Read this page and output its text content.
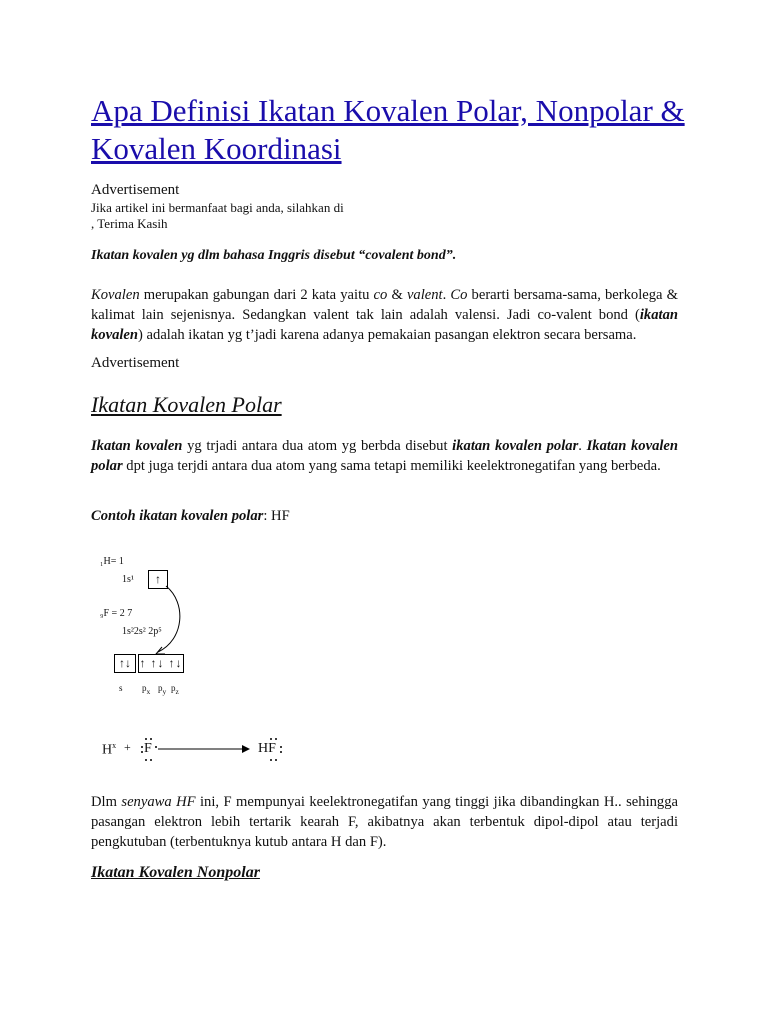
Apa Definisi Ikatan Kovalen Polar, Nonpolar & Kovalen Koordinasi
Advertisement
Jika artikel ini bermanfaat bagi anda, silahkan di
, Terima Kasih
Ikatan kovalen yg dlm bahasa Inggris disebut “covalent bond”.
Kovalen merupakan gabungan dari 2 kata yaitu co & valent. Co berarti bersama-sama, berkolega & kalimat lain sejenisnya. Sedangkan valent tak lain adalah valensi. Jadi co-valent bond (ikatan kovalen) adalah ikatan yg t’jadi karena adanya pemakaian pasangan elektron secara bersama.
Advertisement
Ikatan Kovalen Polar
Ikatan kovalen yg trjadi antara dua atom yg berbda disebut ikatan kovalen polar. Ikatan kovalen polar dpt juga terjdi antara dua atom yang sama tetapi memiliki keelektronegatifan yang berbeda.
Contoh ikatan kovalen polar: HF
₁H= 1
1s¹	↑
₉F = 2 7
1s²2s² 2p⁵
↑↓ ↑ ↑↓ ↑↓
s $p_x$ $p_y$ $p_z$
$H^x + F$	HF
Dlm senyawa HF ini, F mempunyai keelektronegatifan yang tinggi jika dibandingkan H.. sehingga pasangan elektron lebih tertarik kearah F, akibatnya akan terbentuk dipol-dipol atau terjadi pengkutuban (terbentuknya kutub antara H dan F).
Ikatan Kovalen Nonpolar
